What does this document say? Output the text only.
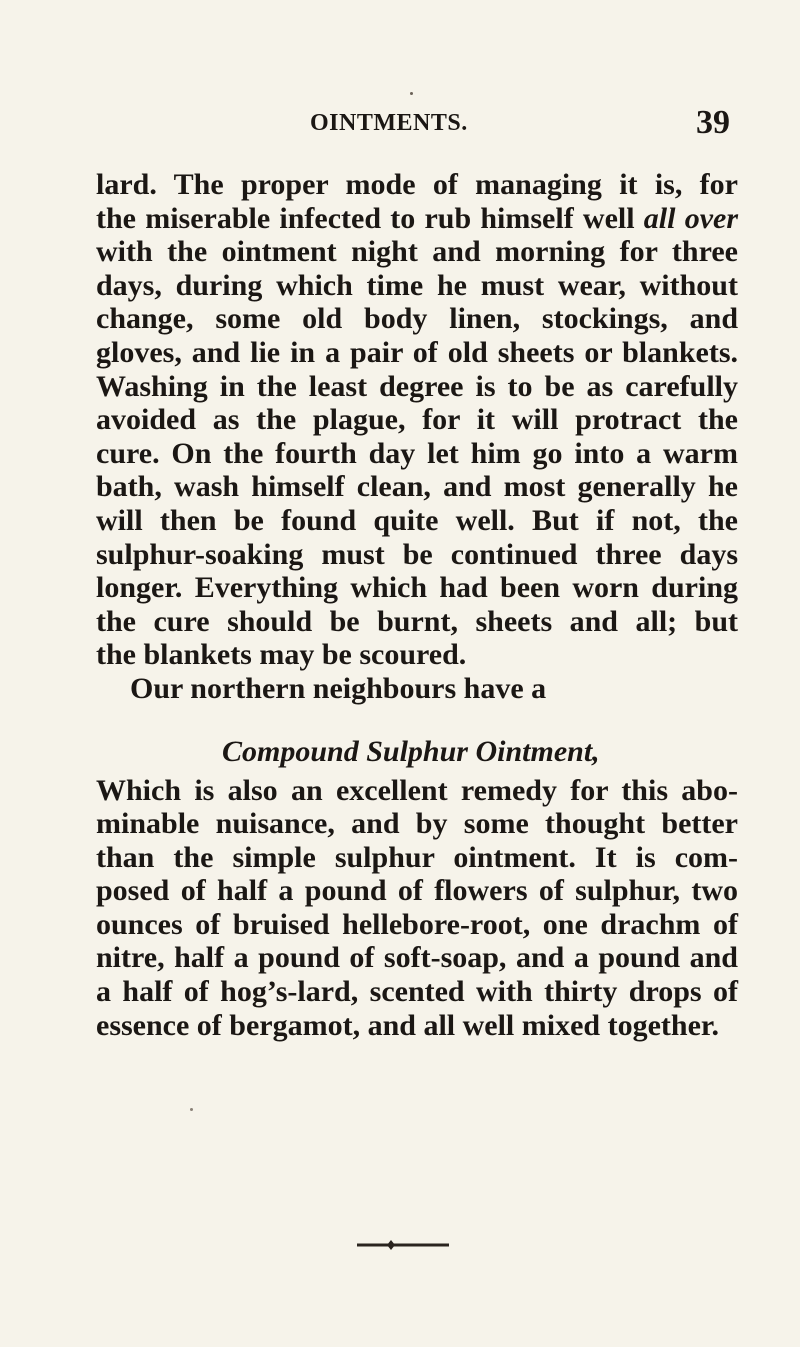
OINTMENTS.	39
lard. The proper mode of managing it is, for
the miserable infected to rub himself well all over
with the ointment night and morning for three
days, during which time he must wear, without
change, some old body linen, stockings, and
gloves, and lie in a pair of old sheets or blankets.
Washing in the least degree is to be as carefully
avoided as the plague, for it will protract the
cure. On the fourth day let him go into a warm
bath, wash himself clean, and most generally he
will then be found quite well. But if not, the
sulphur-soaking must be continued three days
longer. Everything which had been worn during
the cure should be burnt, sheets and all; but
the blankets may be scoured.
Our northern neighbours have a
Compound Sulphur Ointment,
Which is also an excellent remedy for this abo-
minable nuisance, and by some thought better
than the simple sulphur ointment. It is com-
posed of half a pound of flowers of sulphur, two
ounces of bruised hellebore-root, one drachm of
nitre, half a pound of soft-soap, and a pound and
a half of hog’s-lard, scented with thirty drops of
essence of bergamot, and all well mixed together.
